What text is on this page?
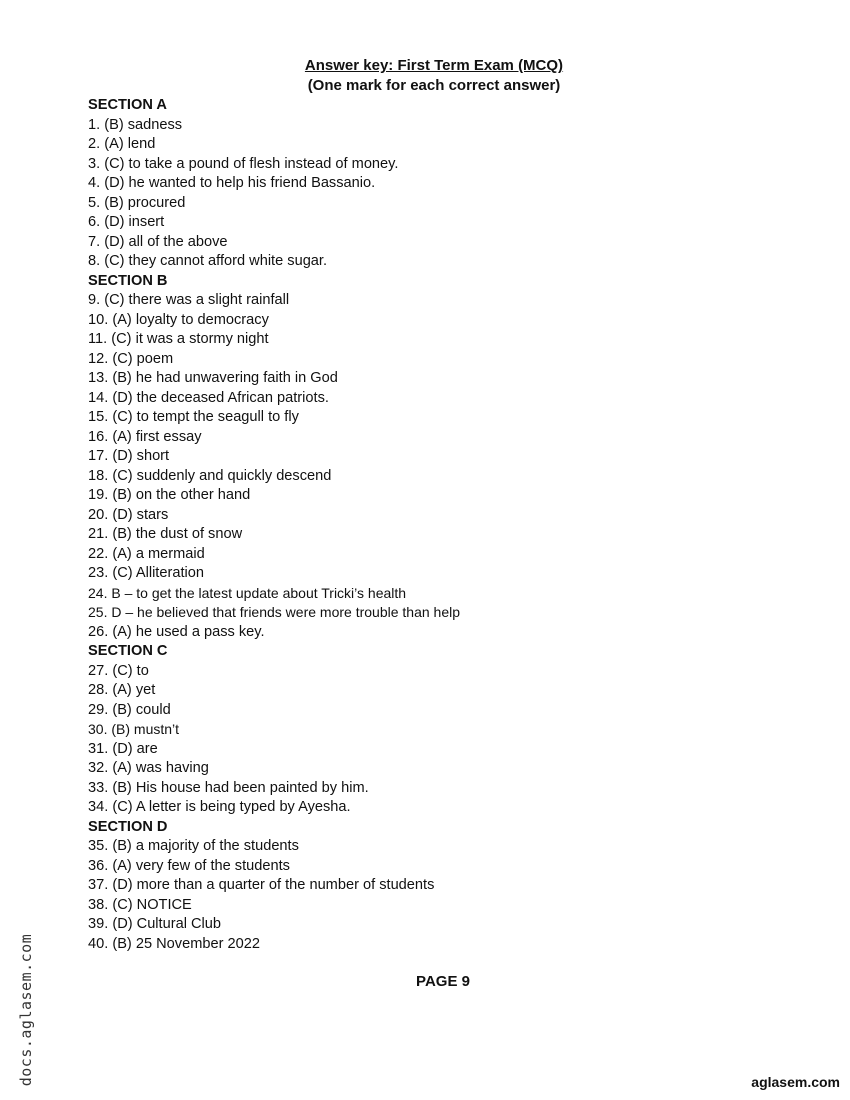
Answer key: First Term Exam (MCQ)
(One mark for each correct answer)
SECTION A
1. (B) sadness
2. (A) lend
3. (C) to take a pound of flesh instead of money.
4. (D) he wanted to help his friend Bassanio.
5. (B) procured
6. (D) insert
7. (D) all of the above
8. (C) they cannot afford white sugar.
SECTION B
9. (C) there was a slight rainfall
10. (A) loyalty to democracy
11. (C) it was a stormy night
12. (C) poem
13. (B) he had unwavering faith in God
14. (D) the deceased African patriots.
15. (C) to tempt the seagull to fly
16. (A) first essay
17. (D) short
18. (C) suddenly and quickly descend
19. (B) on the other hand
20. (D) stars
21. (B) the dust of snow
22. (A) a mermaid
23. (C) Alliteration
24. B – to get the latest update about Tricki’s health
25. D – he believed that friends were more trouble than help
26. (A) he used a pass key.
SECTION C
27. (C) to
28. (A) yet
29. (B) could
30. (B) mustn’t
31. (D) are
32. (A) was having
33. (B) His house had been painted by him.
34. (C) A letter is being typed by Ayesha.
SECTION D
35. (B) a majority of the students
36. (A) very few of the students
37. (D) more than a quarter of the number of students
38. (C) NOTICE
39. (D) Cultural Club
40. (B) 25 November 2022
PAGE 9
docs.aglasem.com	aglasem.com
